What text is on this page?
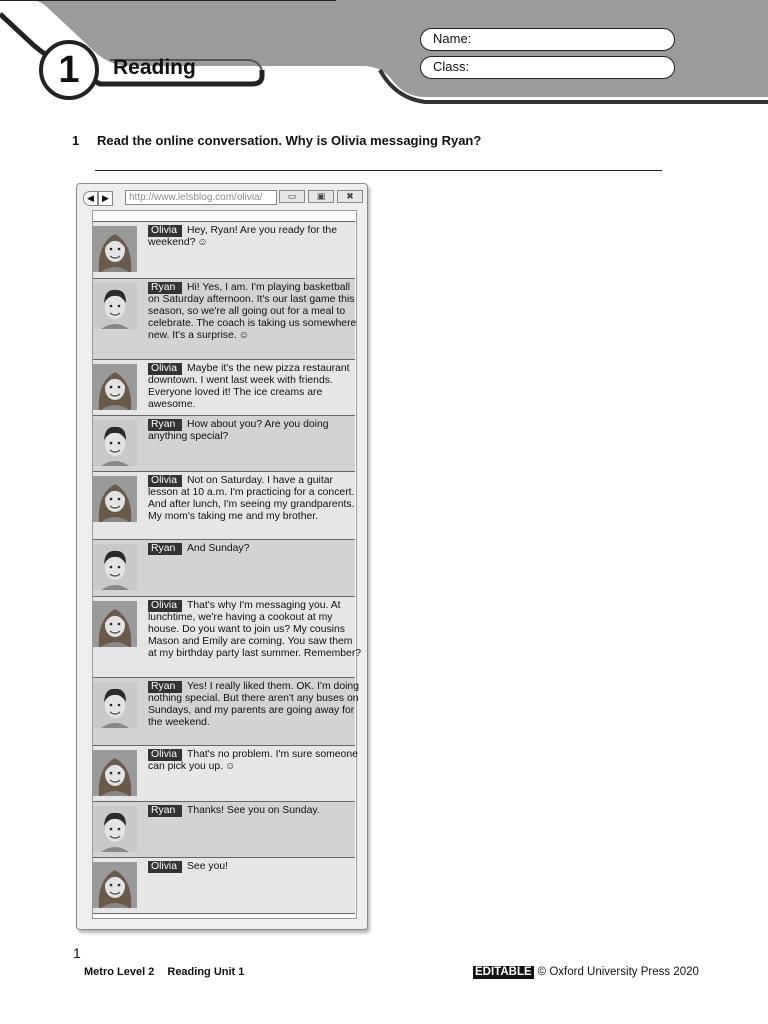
Name:
Class:
1	Reading
1 Read the online conversation. Why is Olivia messaging Ryan?
◀ ▶	http://www.letsblog.com/olivia/	▭	▣	✖
Olivia Hey, Ryan! Are you ready for the weekend? ☺
Ryan Hi! Yes, I am. I'm playing basketball on Saturday afternoon. It's our last game this season, so we're all going out for a meal to celebrate. The coach is taking us somewhere new. It's a surprise. ☺
Olivia Maybe it's the new pizza restaurant downtown. I went last week with friends. Everyone loved it! The ice creams are awesome.
Ryan How about you? Are you doing anything special?
Olivia Not on Saturday. I have a guitar lesson at 10 a.m. I'm practicing for a concert. And after lunch, I'm seeing my grandparents. My mom's taking me and my brother.
Ryan And Sunday?
Olivia That's why I'm messaging you. At lunchtime, we're having a cookout at my house. Do you want to join us? My cousins Mason and Emily are coming. You saw them at my birthday party last summer. Remember?
Ryan Yes! I really liked them. OK. I'm doing nothing special. But there aren't any buses on Sundays, and my parents are going away for the weekend.
Olivia That's no problem. I'm sure someone can pick you up. ☺
Ryan Thanks! See you on Sunday.
Olivia See you!
1
Metro Level 2 Reading Unit 1	EDITABLE © Oxford University Press 2020
